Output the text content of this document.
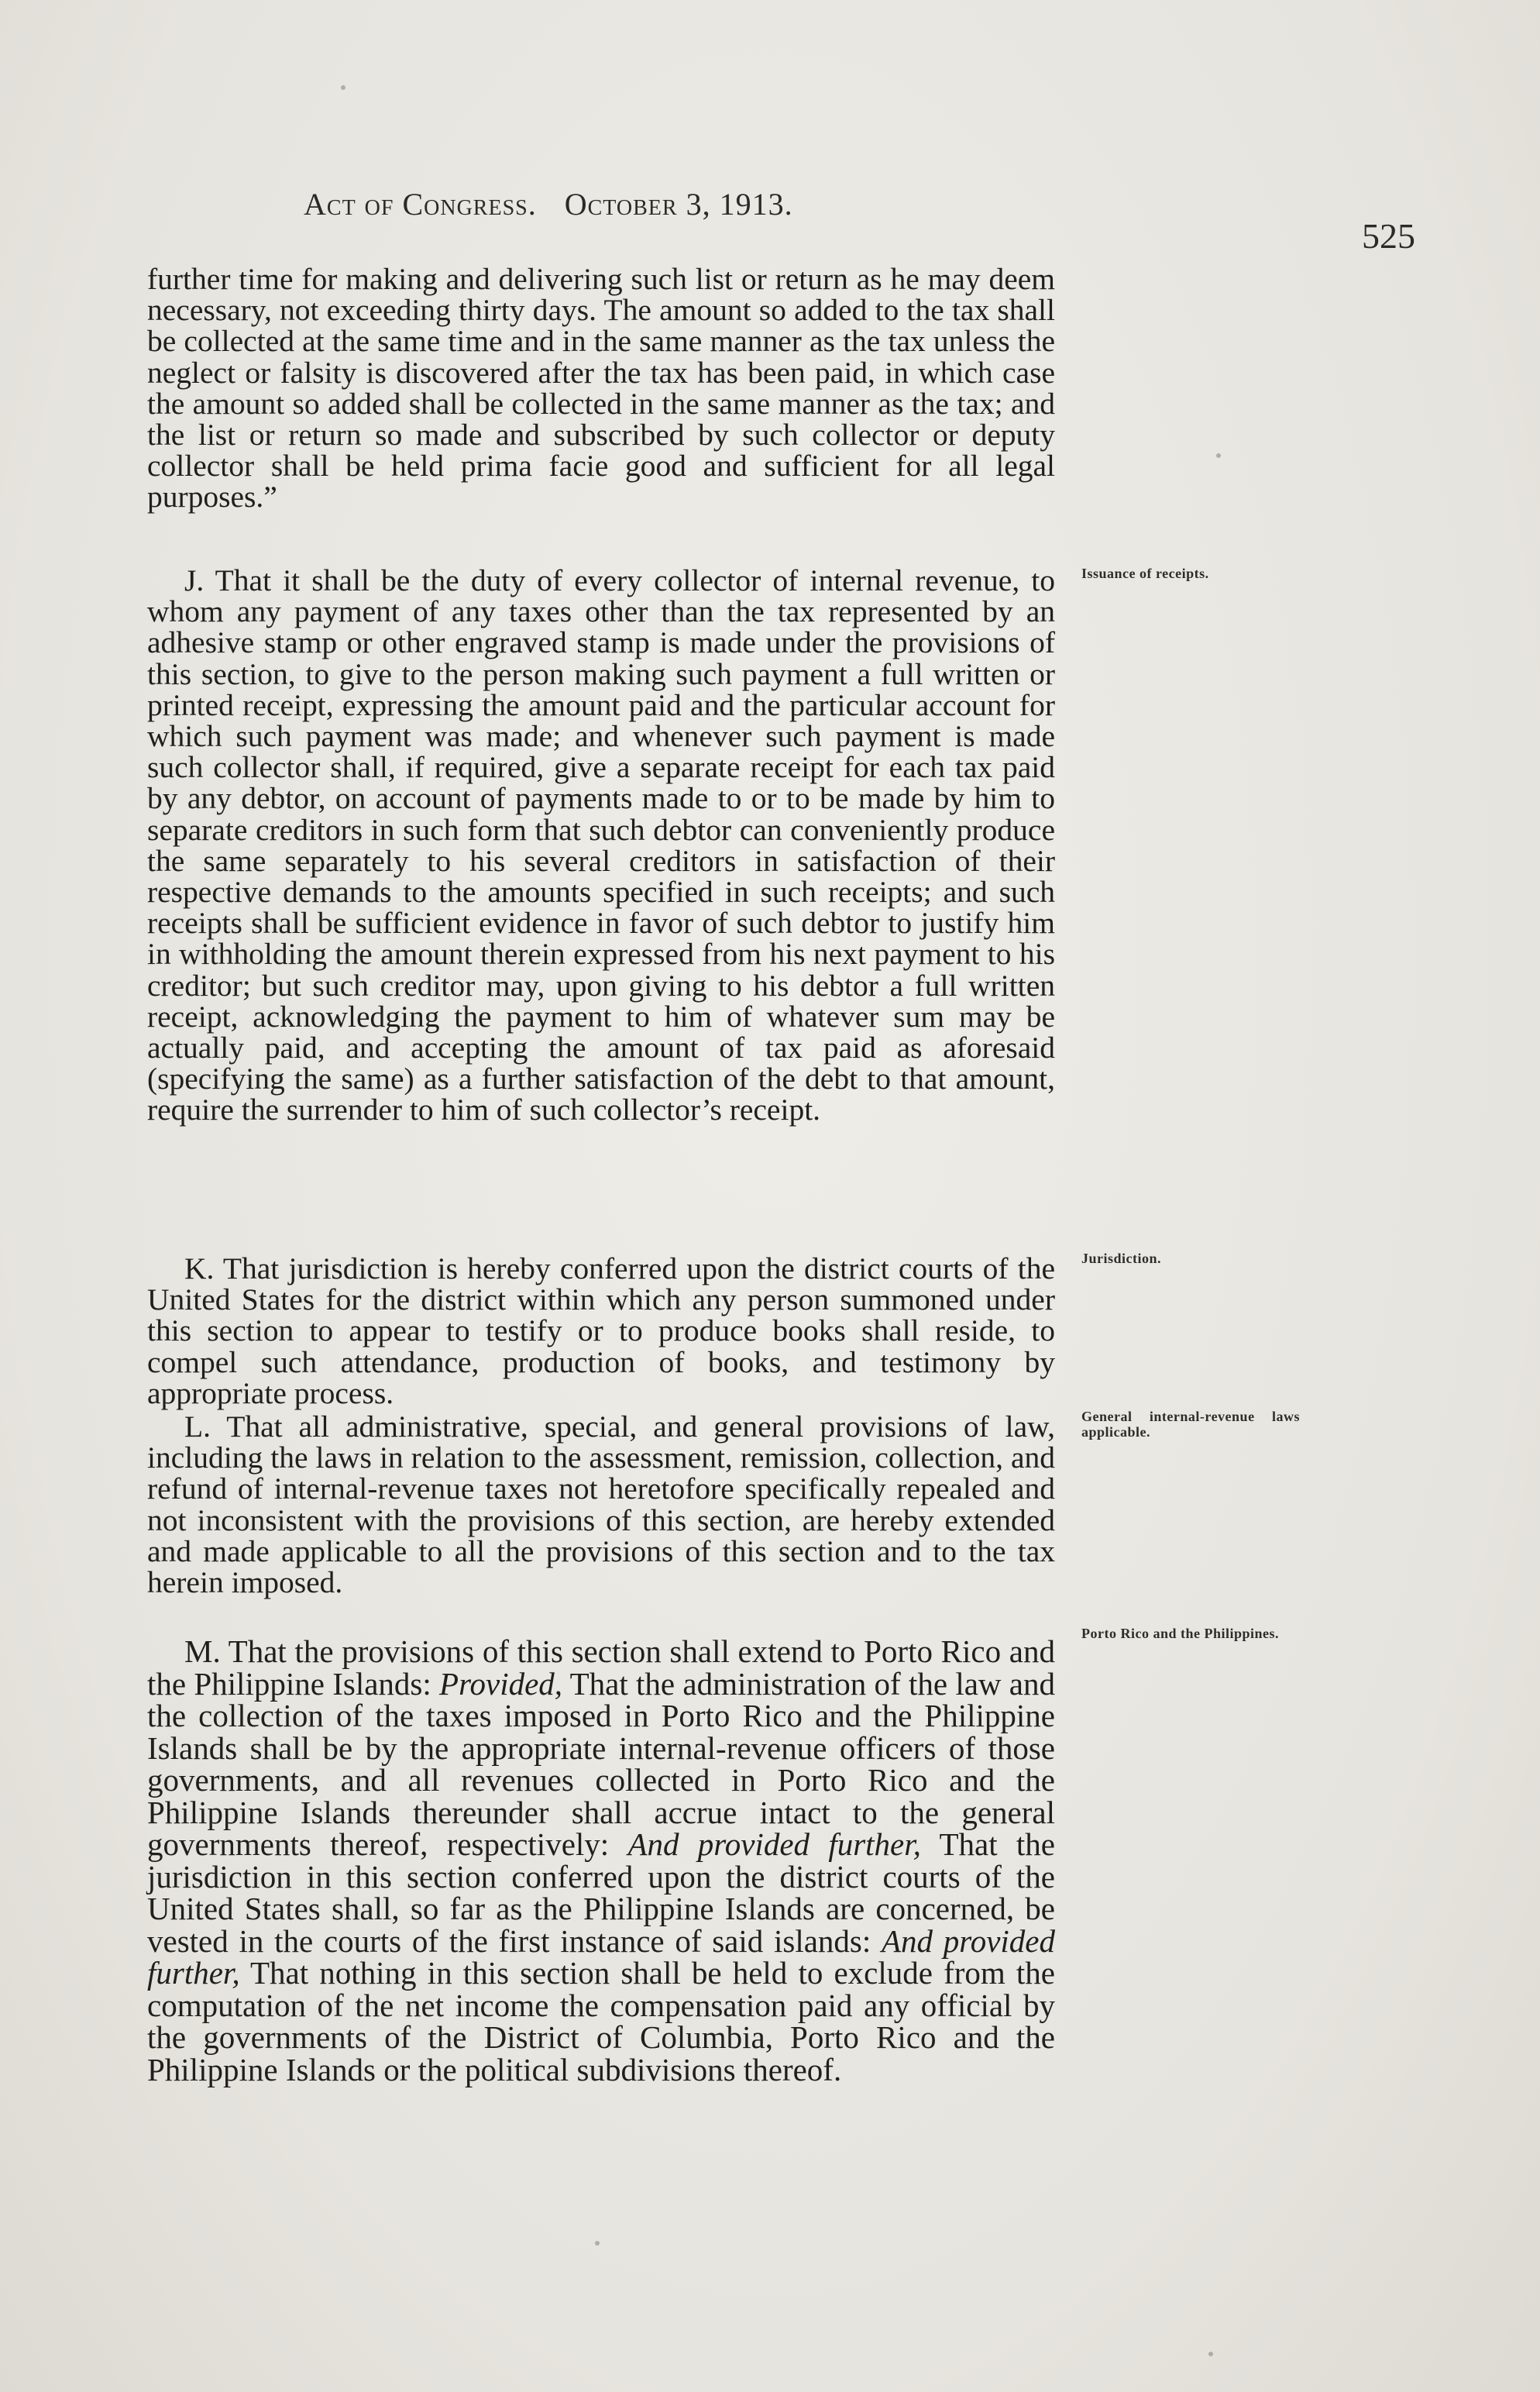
Act of Congress. October 3, 1913.
525

further time for making and delivering such list or return as he may deem necessary, not exceeding thirty days. The amount so added to the tax shall be collected at the same time and in the same manner as the tax unless the neglect or falsity is discovered after the tax has been paid, in which case the amount so added shall be collected in the same manner as the tax; and the list or return so made and subscribed by such collector or deputy collector shall be held prima facie good and sufficient for all legal purposes.”

J. That it shall be the duty of every collector of internal revenue, to whom any payment of any taxes other than the tax represented by an adhesive stamp or other engraved stamp is made under the provisions of this section, to give to the person making such payment a full written or printed receipt, expressing the amount paid and the particular account for which such payment was made; and whenever such payment is made such collector shall, if required, give a separate receipt for each tax paid by any debtor, on account of payments made to or to be made by him to separate creditors in such form that such debtor can conveniently produce the same separately to his several creditors in satisfaction of their respective demands to the amounts specified in such receipts; and such receipts shall be sufficient evidence in favor of such debtor to justify him in withholding the amount therein expressed from his next payment to his creditor; but such creditor may, upon giving to his debtor a full written receipt, acknowledging the payment to him of whatever sum may be actually paid, and accepting the amount of tax paid as aforesaid (specifying the same) as a further satisfaction of the debt to that amount, require the surrender to him of such collector’s receipt.

K. That jurisdiction is hereby conferred upon the district courts of the United States for the district within which any person summoned under this section to appear to testify or to produce books shall reside, to compel such attendance, production of books, and testimony by appropriate process.

L. That all administrative, special, and general provisions of law, including the laws in relation to the assessment, remission, collection, and refund of internal-revenue taxes not heretofore specifically repealed and not inconsistent with the provisions of this section, are hereby extended and made applicable to all the provisions of this section and to the tax herein imposed.

M. That the provisions of this section shall extend to Porto Rico and the Philippine Islands: Provided, That the administration of the law and the collection of the taxes imposed in Porto Rico and the Philippine Islands shall be by the appropriate internal-revenue officers of those governments, and all revenues collected in Porto Rico and the Philippine Islands thereunder shall accrue intact to the general governments thereof, respectively: And provided further, That the jurisdiction in this section conferred upon the district courts of the United States shall, so far as the Philippine Islands are concerned, be vested in the courts of the first instance of said islands: And provided further, That nothing in this section shall be held to exclude from the computation of the net income the compensation paid any official by the governments of the District of Columbia, Porto Rico and the Philippine Islands or the political subdivisions thereof.

Issuance of receipts.
Jurisdiction.
General internal-revenue laws applicable.
Porto Rico and the Philippines.
